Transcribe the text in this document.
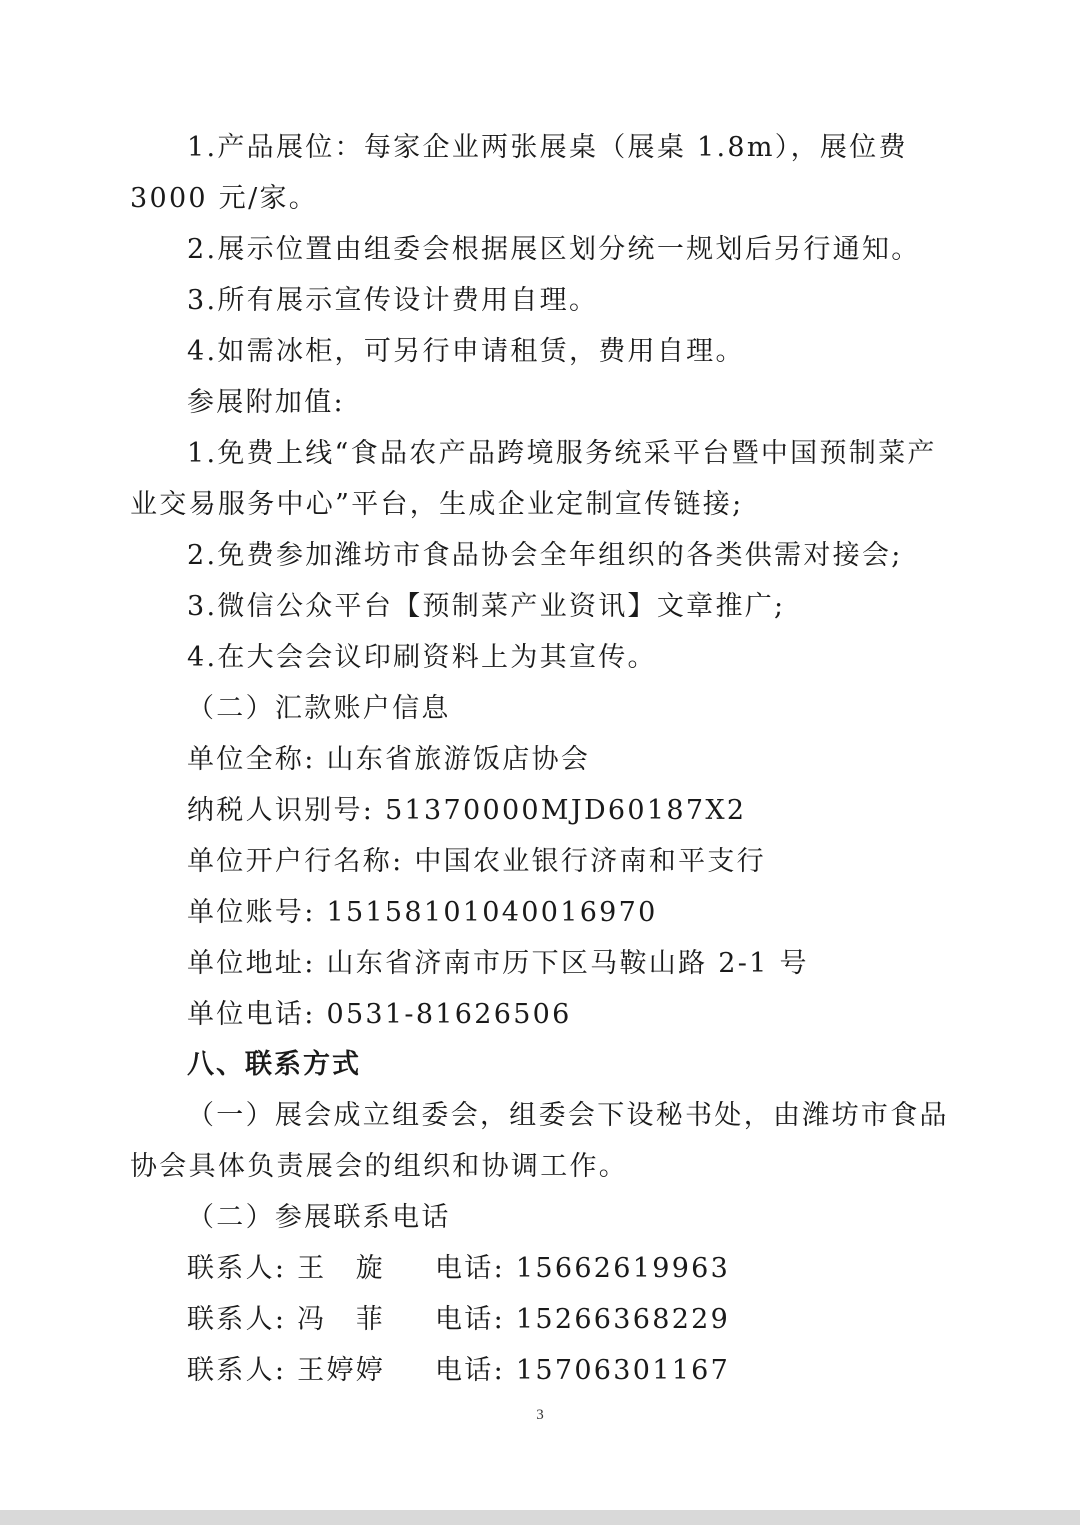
1.产品展位：每家企业两张展桌（展桌 1.8m），展位费
3000 元/家。
2.展示位置由组委会根据展区划分统一规划后另行通知。
3.所有展示宣传设计费用自理。
4.如需冰柜，可另行申请租赁，费用自理。
参展附加值:
1.免费上线“食品农产品跨境服务统采平台暨中国预制菜产
业交易服务中心”平台，生成企业定制宣传链接;
2.免费参加潍坊市食品协会全年组织的各类供需对接会;
3.微信公众平台【预制菜产业资讯】文章推广;
4.在大会会议印刷资料上为其宣传。
（二）汇款账户信息
单位全称: 山东省旅游饭店协会
纳税人识别号: 51370000MJD60187X2
单位开户行名称: 中国农业银行济南和平支行
单位账号: 15158101040016970
单位地址: 山东省济南市历下区马鞍山路 2-1 号
单位电话: 0531-81626506
八、联系方式
（一）展会成立组委会，组委会下设秘书处，由潍坊市食品
协会具体负责展会的组织和协调工作。
（二）参展联系电话
联系人: 王　旋 电话: 15662619963
联系人: 冯　菲 电话: 15266368229
联系人: 王婷婷 电话: 15706301167
3
